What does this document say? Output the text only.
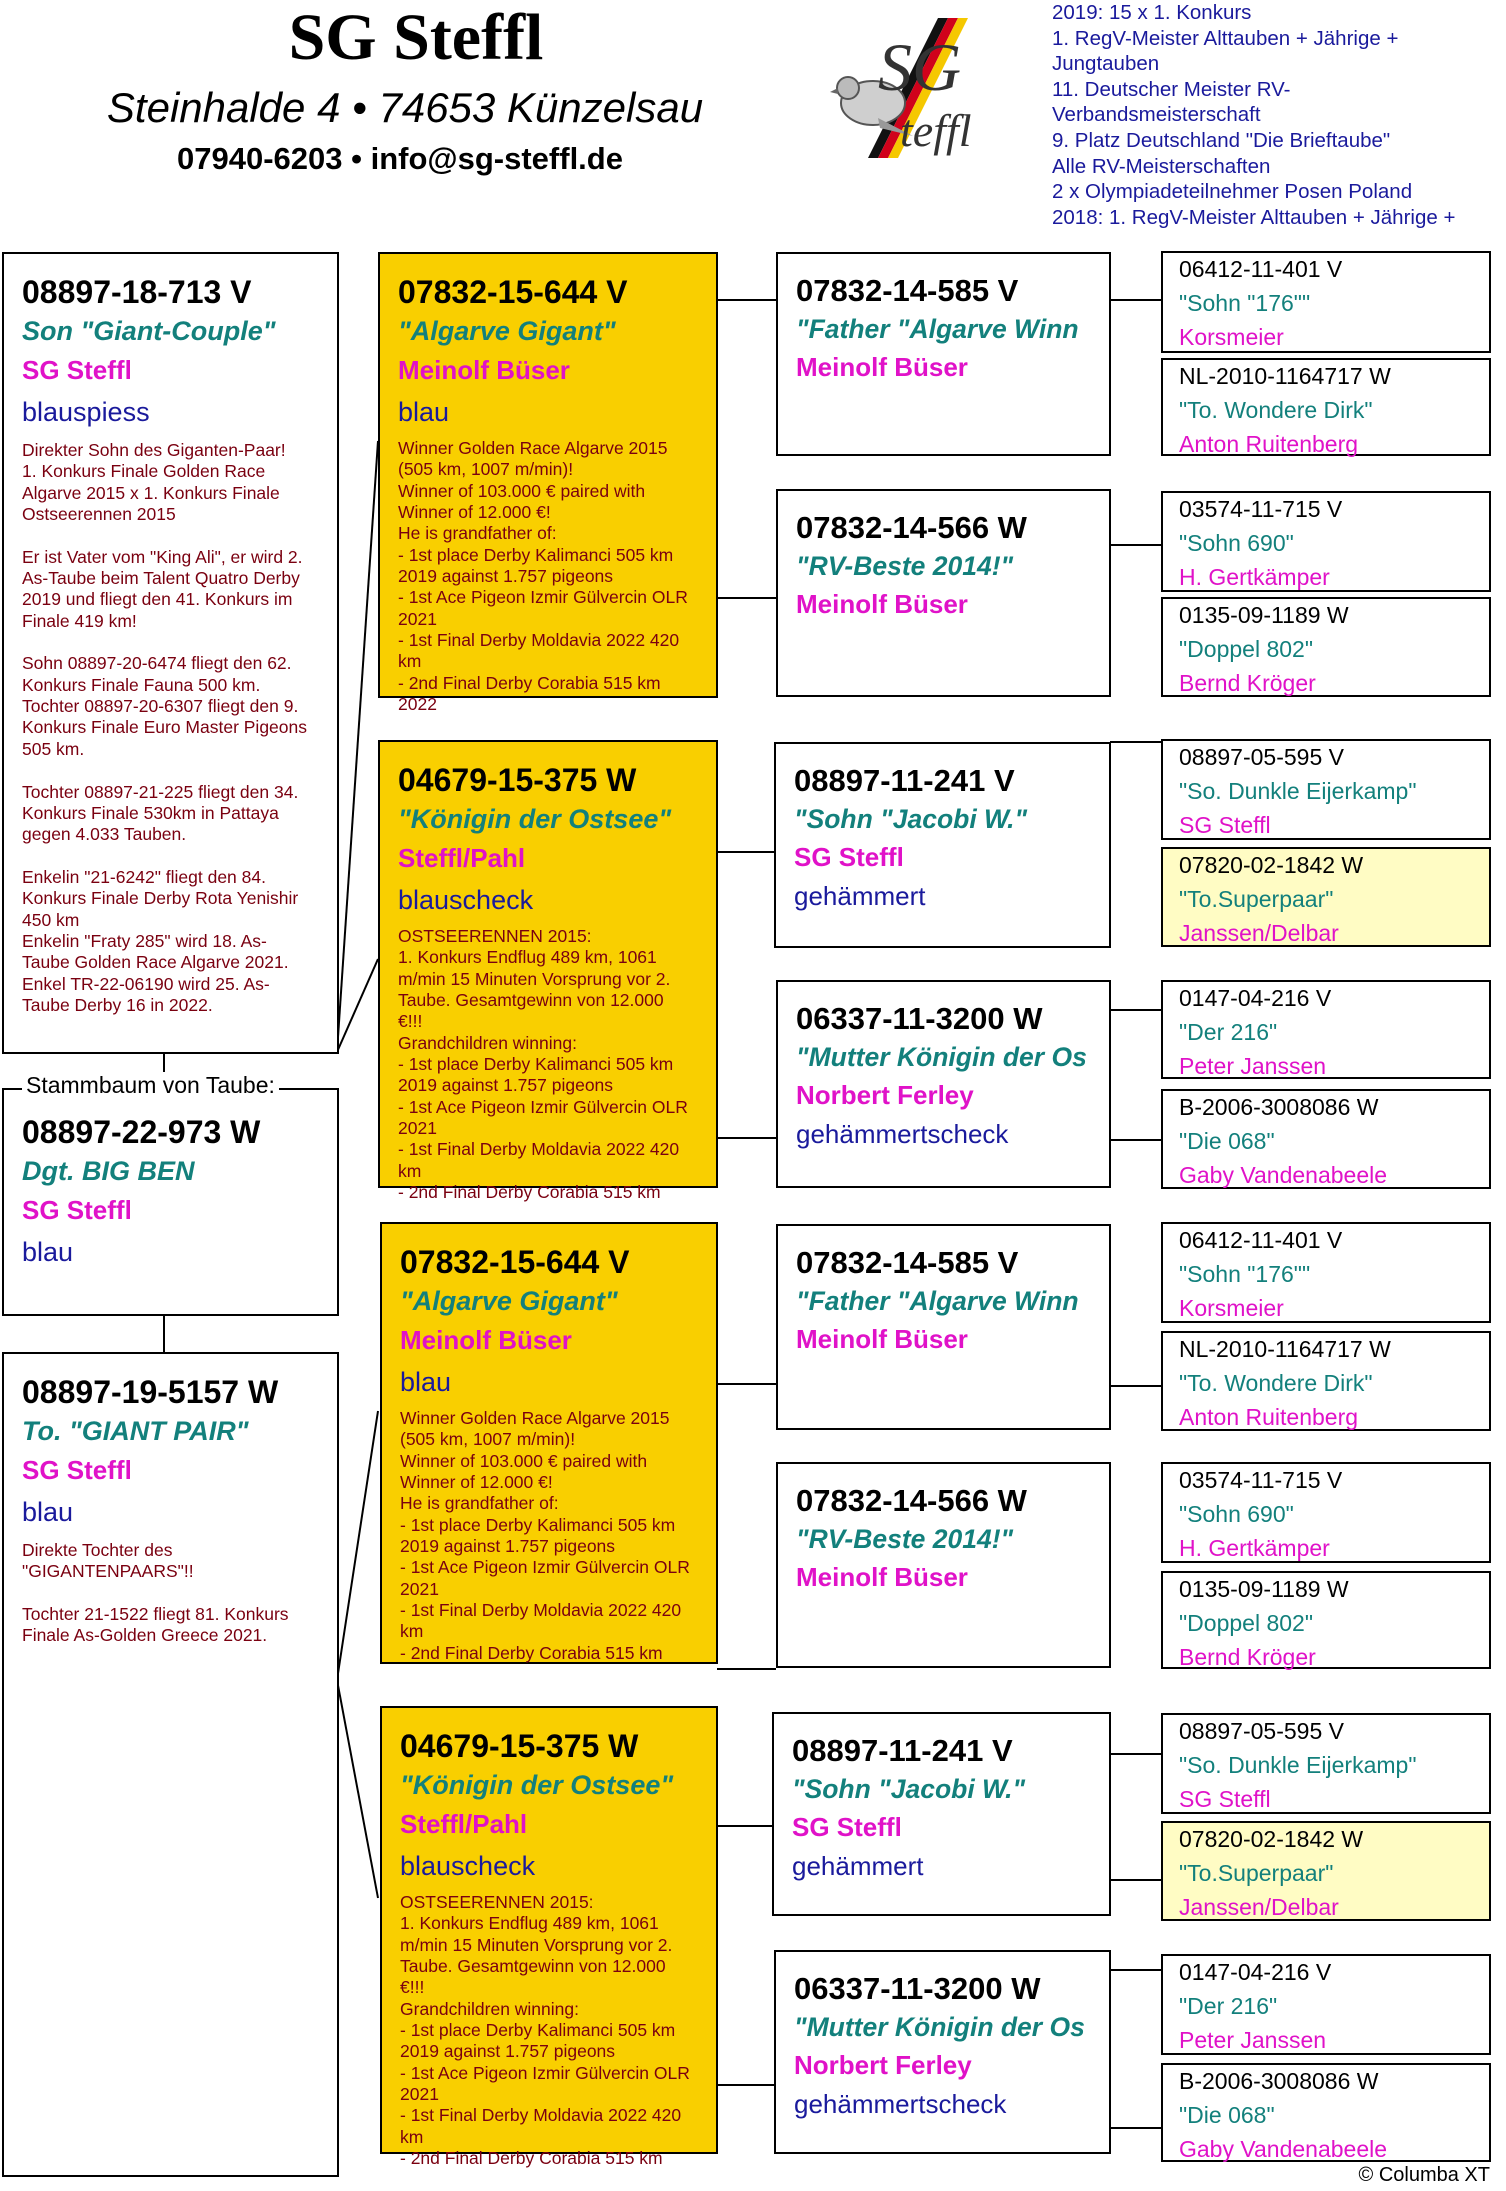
SG Steffl
Steinhalde 4 • 74653 Künzelsau
07940-6203 • info@sg-steffl.de
SG
teffl
2019: 15 x 1. Konkurs
1. RegV-Meister Alttauben + Jährige +
Jungtauben
11. Deutscher Meister RV-
Verbandsmeisterschaft
9. Platz Deutschland "Die Brieftaube"
Alle RV-Meisterschaften
2 x Olympiadeteilnehmer Posen Poland
2018: 1. RegV-Meister Alttauben + Jährige +
08897-18-713 V
Son "Giant-Couple"
SG Steffl
blauspiess
Direkter Sohn des Giganten-Paar!
1. Konkurs Finale Golden Race
Algarve 2015 x 1. Konkurs Finale
Ostseerennen 2015

Er ist Vater vom "King Ali", er wird 2.
As-Taube beim Talent Quatro Derby
2019 und fliegt den 41. Konkurs im
Finale 419 km!

Sohn 08897-20-6474 fliegt den 62.
Konkurs Finale Fauna 500 km.
Tochter 08897-20-6307 fliegt den 9.
Konkurs Finale Euro Master Pigeons
505 km.

Tochter 08897-21-225 fliegt den 34.
Konkurs Finale 530km in Pattaya
gegen 4.033 Tauben.

Enkelin "21-6242" fliegt den 84.
Konkurs Finale Derby Rota Yenishir
450 km
Enkelin "Fraty 285" wird 18. As-
Taube Golden Race Algarve 2021.
Enkel TR-22-06190 wird 25. As-
Taube Derby 16 in 2022.
Stammbaum von Taube:
08897-22-973 W
Dgt. BIG BEN
SG Steffl
blau
08897-19-5157 W
To. "GIANT PAIR"
SG Steffl
blau
Direkte Tochter des
"GIGANTENPAARS"!!

Tochter 21-1522 fliegt 81. Konkurs
Finale As-Golden Greece 2021.
07832-15-644 V
"Algarve Gigant"
Meinolf Büser
blau
Winner Golden Race Algarve 2015
(505 km, 1007 m/min)!
Winner of 103.000 € paired with
Winner of 12.000 €!
He is grandfather of:
- 1st place Derby Kalimanci 505 km
2019 against 1.757 pigeons
- 1st Ace Pigeon Izmir Gülvercin OLR
2021
- 1st Final Derby Moldavia 2022 420
km
- 2nd Final Derby Corabia 515 km
2022
04679-15-375 W
"Königin der Ostsee"
Steffl/Pahl
blauscheck
OSTSEERENNEN 2015:
1. Konkurs Endflug 489 km, 1061
m/min 15 Minuten Vorsprung vor 2.
Taube. Gesamtgewinn von 12.000
€!!!
Grandchildren winning:
- 1st place Derby Kalimanci 505 km
2019 against 1.757 pigeons
- 1st Ace Pigeon Izmir Gülvercin OLR
2021
- 1st Final Derby Moldavia 2022 420
km
- 2nd Final Derby Corabia 515 km
07832-15-644 V
"Algarve Gigant"
Meinolf Büser
blau
Winner Golden Race Algarve 2015
(505 km, 1007 m/min)!
Winner of 103.000 € paired with
Winner of 12.000 €!
He is grandfather of:
- 1st place Derby Kalimanci 505 km
2019 against 1.757 pigeons
- 1st Ace Pigeon Izmir Gülvercin OLR
2021
- 1st Final Derby Moldavia 2022 420
km
- 2nd Final Derby Corabia 515 km
04679-15-375 W
"Königin der Ostsee"
Steffl/Pahl
blauscheck
OSTSEERENNEN 2015:
1. Konkurs Endflug 489 km, 1061
m/min 15 Minuten Vorsprung vor 2.
Taube. Gesamtgewinn von 12.000
€!!!
Grandchildren winning:
- 1st place Derby Kalimanci 505 km
2019 against 1.757 pigeons
- 1st Ace Pigeon Izmir Gülvercin OLR
2021
- 1st Final Derby Moldavia 2022 420
km
- 2nd Final Derby Corabia 515 km
07832-14-585 V
"Father "Algarve Winn
Meinolf Büser
07832-14-566 W
"RV-Beste 2014!"
Meinolf Büser
08897-11-241 V
"Sohn "Jacobi W."
SG Steffl
gehämmert
06337-11-3200 W
"Mutter Königin der Os
Norbert Ferley
gehämmertscheck
07832-14-585 V
"Father "Algarve Winn
Meinolf Büser
07832-14-566 W
"RV-Beste 2014!"
Meinolf Büser
08897-11-241 V
"Sohn "Jacobi W."
SG Steffl
gehämmert
06337-11-3200 W
"Mutter Königin der Os
Norbert Ferley
gehämmertscheck
06412-11-401 V
"Sohn "176""
Korsmeier
NL-2010-1164717 W
"To. Wondere Dirk"
Anton Ruitenberg
03574-11-715 V
"Sohn 690"
H. Gertkämper
0135-09-1189 W
"Doppel 802"
Bernd Kröger
08897-05-595 V
"So. Dunkle Eijerkamp"
SG Steffl
07820-02-1842 W
"To.Superpaar"
Janssen/Delbar
0147-04-216 V
"Der 216"
Peter Janssen
B-2006-3008086 W
"Die 068"
Gaby Vandenabeele
06412-11-401 V
"Sohn "176""
Korsmeier
NL-2010-1164717 W
"To. Wondere Dirk"
Anton Ruitenberg
03574-11-715 V
"Sohn 690"
H. Gertkämper
0135-09-1189 W
"Doppel 802"
Bernd Kröger
08897-05-595 V
"So. Dunkle Eijerkamp"
SG Steffl
07820-02-1842 W
"To.Superpaar"
Janssen/Delbar
0147-04-216 V
"Der 216"
Peter Janssen
B-2006-3008086 W
"Die 068"
Gaby Vandenabeele
© Columba XT
